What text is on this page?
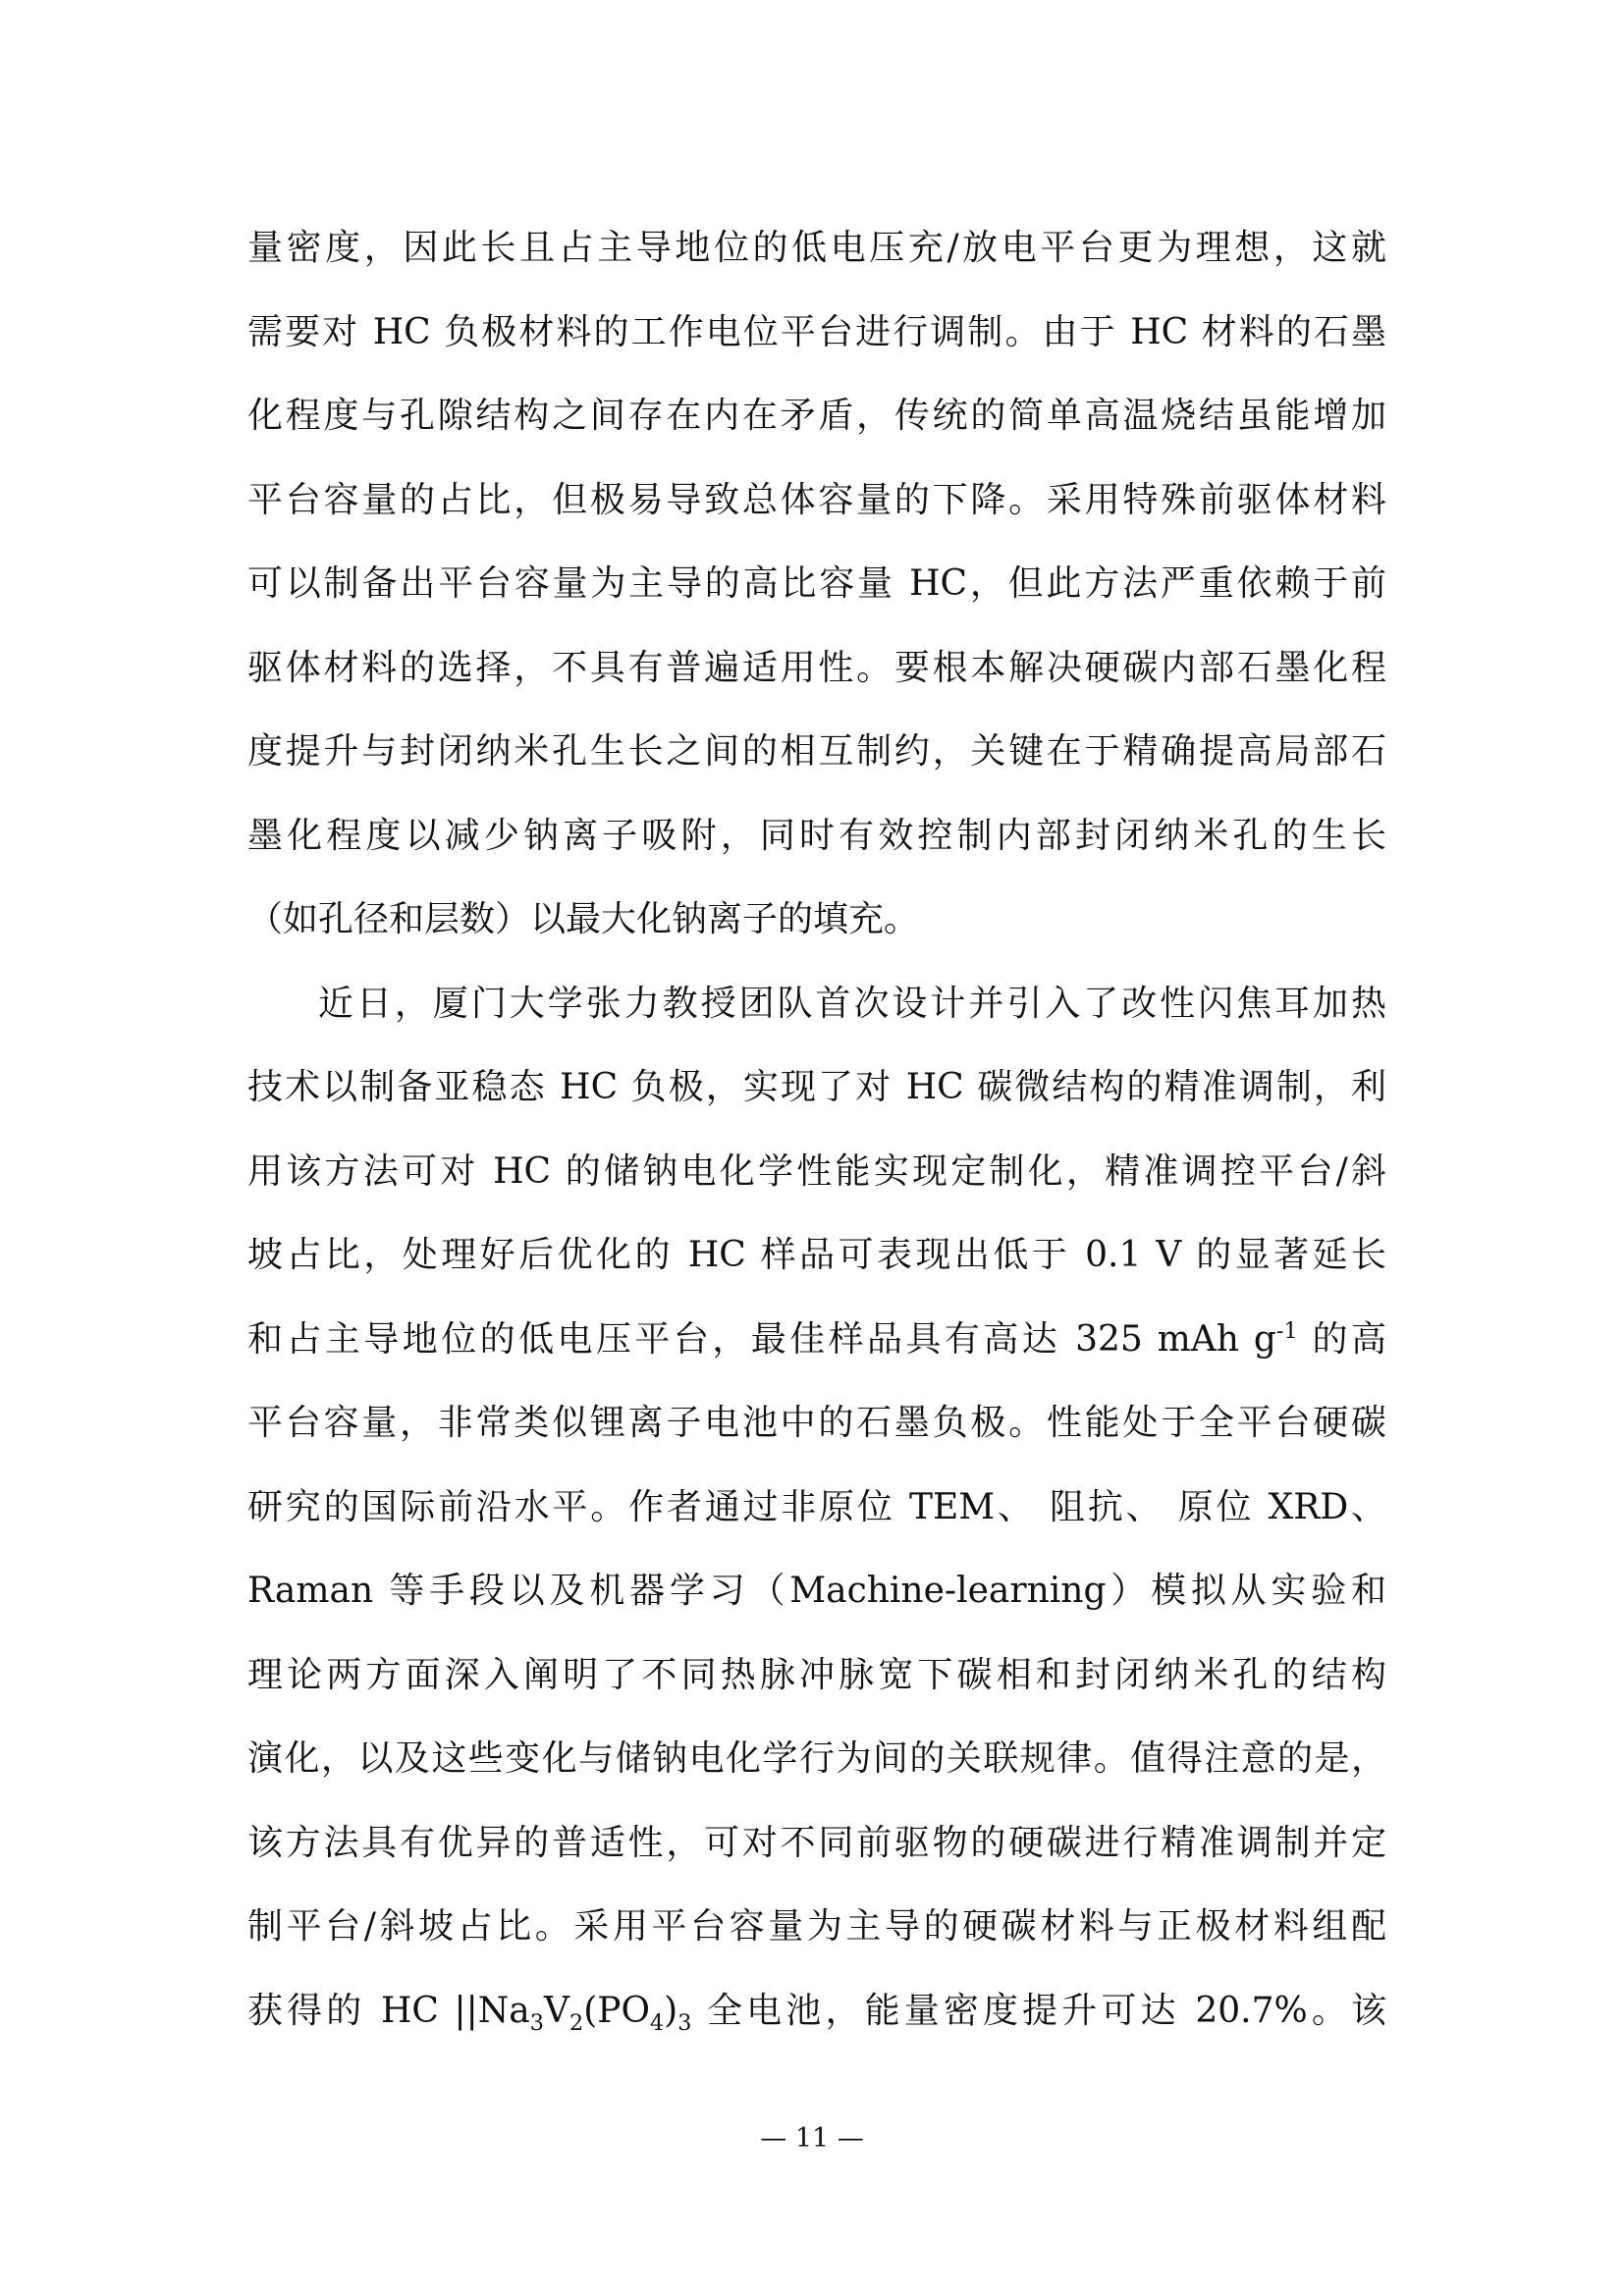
量密度，因此长且占主导地位的低电压充/放电平台更为理想，这就
需要对 HC 负极材料的工作电位平台进行调制。由于 HC 材料的石墨
化程度与孔隙结构之间存在内在矛盾，传统的简单高温烧结虽能增加
平台容量的占比，但极易导致总体容量的下降。采用特殊前驱体材料
可以制备出平台容量为主导的高比容量 HC，但此方法严重依赖于前
驱体材料的选择，不具有普遍适用性。要根本解决硬碳内部石墨化程
度提升与封闭纳米孔生长之间的相互制约，关键在于精确提高局部石
墨化程度以减少钠离子吸附，同时有效控制内部封闭纳米孔的生长
（如孔径和层数）以最大化钠离子的填充。
近日，厦门大学张力教授团队首次设计并引入了改性闪焦耳加热
技术以制备亚稳态 HC 负极，实现了对 HC 碳微结构的精准调制，利
用该方法可对 HC 的储钠电化学性能实现定制化，精准调控平台/斜
坡占比，处理好后优化的 HC 样品可表现出低于 0.1 V 的显著延长
和占主导地位的低电压平台，最佳样品具有高达 325 mAh $g^{-1}$ 的高
平台容量，非常类似锂离子电池中的石墨负极。性能处于全平台硬碳
研究的国际前沿水平。作者通过非原位 TEM、 阻抗、 原位 XRD、
Raman 等手段以及机器学习（Machine-learning）模拟从实验和
理论两方面深入阐明了不同热脉冲脉宽下碳相和封闭纳米孔的结构
演化，以及这些变化与储钠电化学行为间的关联规律。值得注意的是，
该方法具有优异的普适性，可对不同前驱物的硬碳进行精准调制并定
制平台/斜坡占比。采用平台容量为主导的硬碳材料与正极材料组配
获得的 HC $||Na_3V_2(PO_4)_3$ 全电池，能量密度提升可达 20.7%。该
— 11 —
